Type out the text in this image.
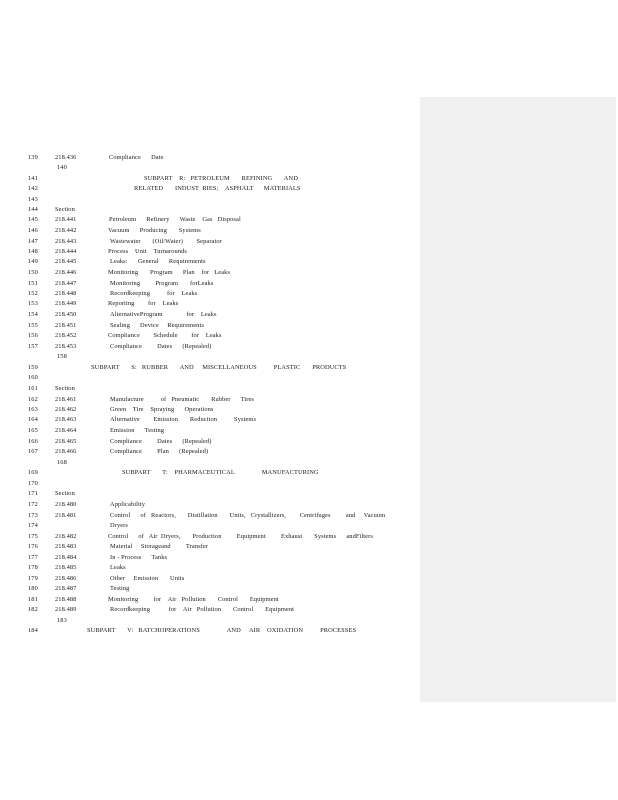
139	218.436	Compliance      Date
140
141	SUBPART    R:   PETROLEUM       REFINING       AND
142	RELATED       INDUST  RIES;    ASPHALT      MATERIALS
143
144	Section
145	218.441	Petroleum      Refinery      Waste    Gas   Disposal
146	218.442	Vacuum      Producing       Systems
147	218.443	Wastewater       (Oil/Water)        Separator
148	218.444	Process    Unit    Turnarounds
149	218.445	Leaks:      General      Requirements
150	218.446	Monitoring       Program      Plan    for   Leaks
151	218.447	Monitoring         Program       forLeaks
152	218.448	Recordkeeping          for    Leaks
153	218.449	Reporting        for    Leaks
154	218.450	AlternativeProgram              for    Leaks
155	218.451	Sealing      Device     Requirements
156	218.452	Compliance        Schedule        for    Leaks
157	218.453	Compliance         Dates      (Repealed)
158
159	SUBPART       S:   RUBBER       AND     MISCELLANEOUS          PLASTIC       PRODUCTS
160
161	Section
162	218.461	Manufacture          of   Pneumatic       Rubber      Tires
163	218.462	Green    Tire    Spraying      Operations
164	218.463	Alternative        Emission       Reduction          Systems
165	218.464	Emission      Testing
166	218.465	Compliance         Dates      (Repealed)
167	218.466	Compliance         Plan      (Repealed)
168
169	SUBPART       T:    PHARMACEUTICAL                MANUFACTURING
170
171	Section
172	218.480	Applicability
173	218.481	Control      of   Reactors,       Distillation       Units,   Crystallizers,        Centrifuges         and     Vacuum
174	Dryers
175	218.482	Control      of   Air  Dryers,       Production         Equipment         Exhaust       Systems      andFilters
176	218.483	Material     Storageand         Transfer
177	218.484	In - Process      Tanks
178	218.485	Leaks
179	218.486	Other     Emission       Units
180	218.487	Testing
181	218.488	Monitoring         for    Air   Pollution       Control       Equipment
182	218.489	Recordkeeping           for    Air   Pollution       Control       Equipment
183
184	SUBPART       V:   BATCHOPERATIONS                AND     AIR    OXIDATION          PROCESSES
